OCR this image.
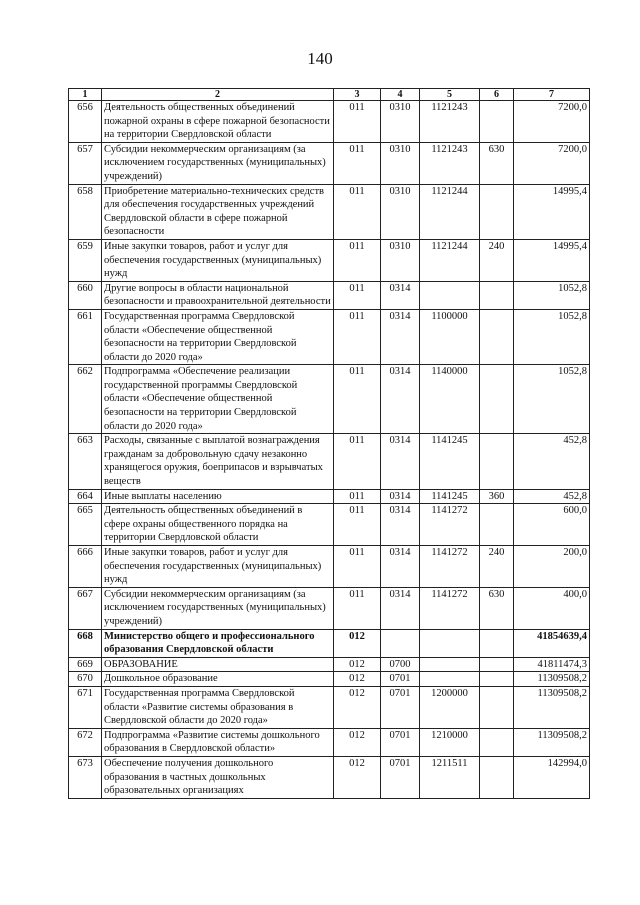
140
1	2	3	4	5	6	7
656	Деятельность общественных объединений пожарной охраны в сфере пожарной безопасности на территории Свердловской области	011	0310	1121243		7200,0
657	Субсидии некоммерческим организациям (за исключением государственных (муниципальных) учреждений)	011	0310	1121243	630	7200,0
658	Приобретение материально-технических средств для обеспечения государственных учреждений Свердловской области в сфере пожарной безопасности	011	0310	1121244		14995,4
659	Иные закупки товаров, работ и услуг для обеспечения государственных (муниципальных) нужд	011	0310	1121244	240	14995,4
660	Другие вопросы в области национальной безопасности и правоохранительной деятельности	011	0314			1052,8
661	Государственная программа Свердловской области «Обеспечение общественной безопасности на территории Свердловской области до 2020 года»	011	0314	1100000		1052,8
662	Подпрограмма «Обеспечение реализации государственной программы Свердловской области «Обеспечение общественной безопасности на территории Свердловской области до 2020 года»	011	0314	1140000		1052,8
663	Расходы, связанные с выплатой вознаграждения гражданам за добровольную сдачу незаконно хранящегося оружия, боеприпасов и взрывчатых веществ	011	0314	1141245		452,8
664	Иные выплаты населению	011	0314	1141245	360	452,8
665	Деятельность общественных объединений в сфере охраны общественного порядка на территории Свердловской области	011	0314	1141272		600,0
666	Иные закупки товаров, работ и услуг для обеспечения государственных (муниципальных) нужд	011	0314	1141272	240	200,0
667	Субсидии некоммерческим организациям (за исключением государственных (муниципальных) учреждений)	011	0314	1141272	630	400,0
668	Министерство общего и профессионального образования Свердловской области	012				41854639,4
669	ОБРАЗОВАНИЕ	012	0700			41811474,3
670	Дошкольное образование	012	0701			11309508,2
671	Государственная программа Свердловской области «Развитие системы образования в Свердловской области до 2020 года»	012	0701	1200000		11309508,2
672	Подпрограмма «Развитие системы дошкольного образования в Свердловской области»	012	0701	1210000		11309508,2
673	Обеспечение получения дошкольного образования в частных дошкольных образовательных организациях	012	0701	1211511		142994,0
